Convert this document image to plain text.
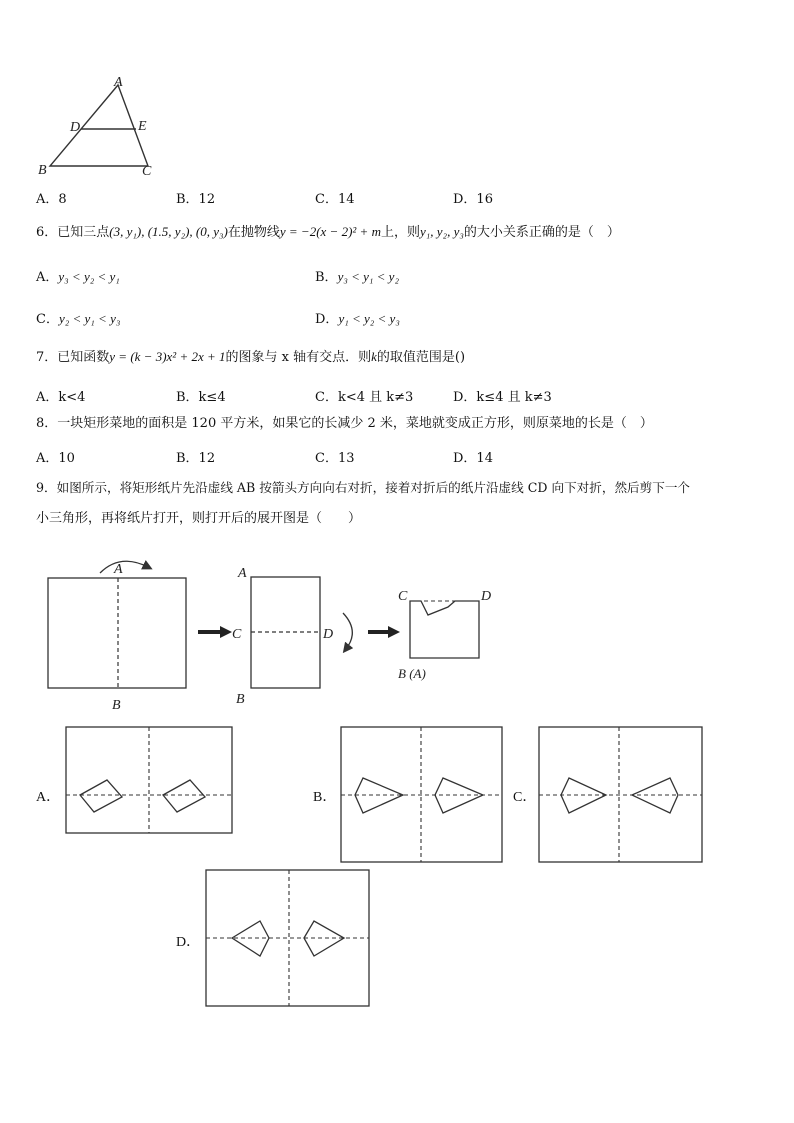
A
D	E
B	C
A．8	B．12	C．14	D．16
6．已知三点(3, y₁), (1.5, y₂), (0, y₃)在抛物线y = −2(x − 2)² + m上，则y₁, y₂, y₃的大小关系正确的是（　）
A．y₃ < y₂ < y₁	B．y₃ < y₁ < y₂
C．y₂ < y₁ < y₃	D．y₁ < y₂ < y₃
7．已知函数y = (k − 3)x² + 2x + 1的图象与 x 轴有交点．则k的取值范围是()
A．k<4	B．k≤4	C．k<4 且 k≠3	D．k≤4 且 k≠3
8．一块矩形菜地的面积是 120 平方米，如果它的长减少 2 米，菜地就变成正方形，则原菜地的长是（　）
A．10	B．12	C．13	D．14
9．如图所示，将矩形纸片先沿虚线 AB 按箭头方向向右对折，接着对折后的纸片沿虚线 CD 向下对折，然后剪下一个
小三角形，再将纸片打开，则打开后的展开图是（　　）
A
B
A
C	D
B
C	D
B (A)
A．	B．	C．
D．
